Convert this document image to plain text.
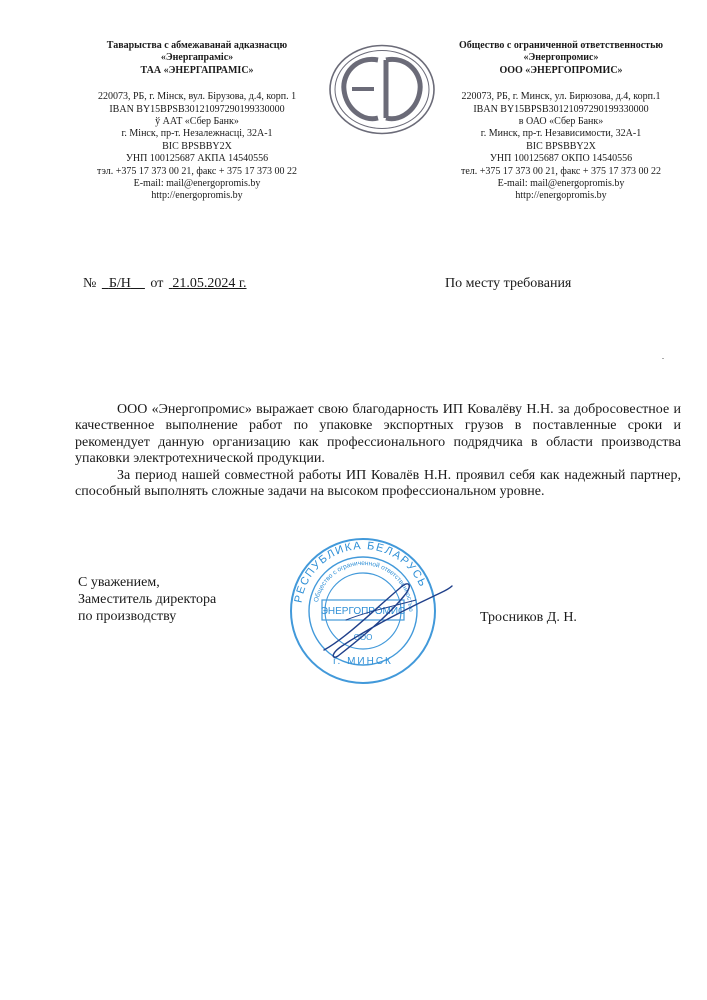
Таварыства с абмежаванай адказнасцю
«Энергапраміс»
ТАА «ЭНЕРГАПРАМІС»
220073, РБ, г. Мінск, вул. Бірузова, д.4, корп. 1
IBAN BY15BPSB30121097290199330000
ў ААТ «Сбер Банк»
г. Мінск, пр-т. Незалежнасці, 32А-1
BIC BPSBBY2X
УНП 100125687 АКПА 14540556
тэл. +375 17 373 00 21, факс + 375 17 373 00 22
E-mail: mail@energopromis.by
http://energopromis.by
Общество с ограниченной ответственностью
«Энергопромис»
ООО «ЭНЕРГОПРОМИС»
220073, РБ, г. Минск, ул. Бирюзова, д.4, корп.1
IBAN BY15BPSB30121097290199330000
в ОАО «Сбер Банк»
г. Минск, пр-т. Независимости, 32А-1
BIC BPSBBY2X
УНП 100125687 ОКПО 14540556
тел. +375 17 373 00 21, факс + 375 17 373 00 22
E-mail: mail@energopromis.by
http://energopromis.by
№ Б/Н от 21.05.2024 г.	По месту требования
.

ООО «Энергопромис» выражает свою благодарность ИП Ковалёву Н.Н. за добросовестное и качественное выполнение работ по упаковке экспортных грузов в поставленные сроки и рекомендует данную организацию как профессионального подрядчика в области производства упаковки электротехнической продукции.

За период нашей совместной работы ИП Ковалёв Н.Н. проявил себя как надежный партнер, способный выполнять сложные задачи на высоком профессиональном уровне.

С уважением,
Заместитель директора
по производству
РЕСПУБЛИКА БЕЛАРУСЬ
Общество с ограниченной ответственностью
ЭНЕРГОПРОМИС
ООО
г. МИНСК
Тросников Д. Н.
